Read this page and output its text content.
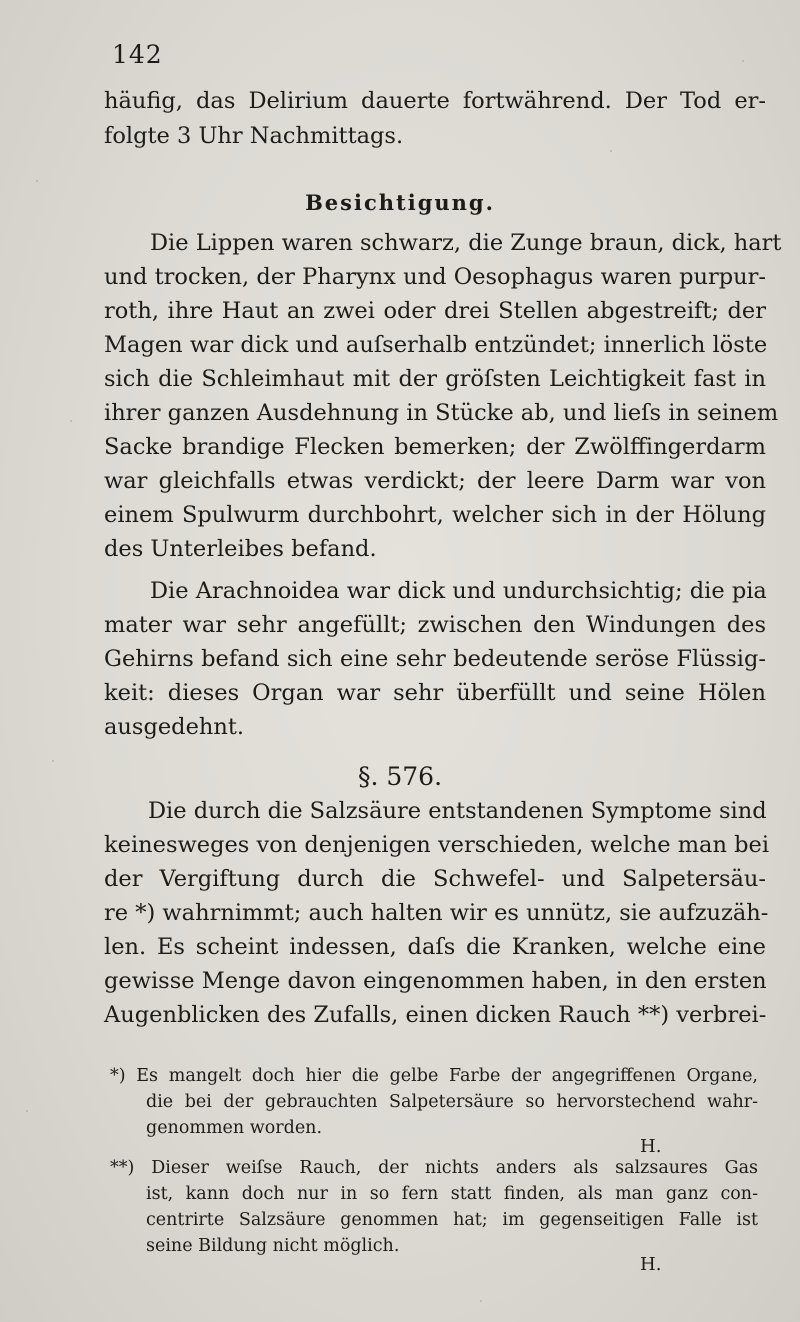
142
häufig, das Delirium dauerte fortwährend. Der Tod er-
folgte 3 Uhr Nachmittags.
Besichtigung.
Die Lippen waren schwarz, die Zunge braun, dick, hart
und trocken, der Pharynx und Oesophagus waren purpur-
roth, ihre Haut an zwei oder drei Stellen abgestreift; der
Magen war dick und auſserhalb entzündet; innerlich löste
sich die Schleimhaut mit der gröſsten Leichtigkeit fast in
ihrer ganzen Ausdehnung in Stücke ab, und lieſs in seinem
Sacke brandige Flecken bemerken; der Zwölffingerdarm
war gleichfalls etwas verdickt; der leere Darm war von
einem Spulwurm durchbohrt, welcher sich in der Hölung
des Unterleibes befand.
Die Arachnoidea war dick und undurchsichtig; die pia
mater war sehr angefüllt; zwischen den Windungen des
Gehirns befand sich eine sehr bedeutende seröse Flüssig-
keit: dieses Organ war sehr überfüllt und seine Hölen
ausgedehnt.
§. 576.
Die durch die Salzsäure entstandenen Symptome sind
keinesweges von denjenigen verschieden, welche man bei
der Vergiftung durch die Schwefel- und Salpetersäu-
re *) wahrnimmt; auch halten wir es unnütz, sie aufzuzäh-
len. Es scheint indessen, daſs die Kranken, welche eine
gewisse Menge davon eingenommen haben, in den ersten
Augenblicken des Zufalls, einen dicken Rauch **) verbrei-
*) Es mangelt doch hier die gelbe Farbe der angegriffenen Organe,
die bei der gebrauchten Salpetersäure so hervorstechend wahr-
genommen worden.
H.
**) Dieser weiſse Rauch, der nichts anders als salzsaures Gas
ist, kann doch nur in so fern statt finden, als man ganz con-
centrirte Salzsäure genommen hat; im gegenseitigen Falle ist
seine Bildung nicht möglich.
H.
